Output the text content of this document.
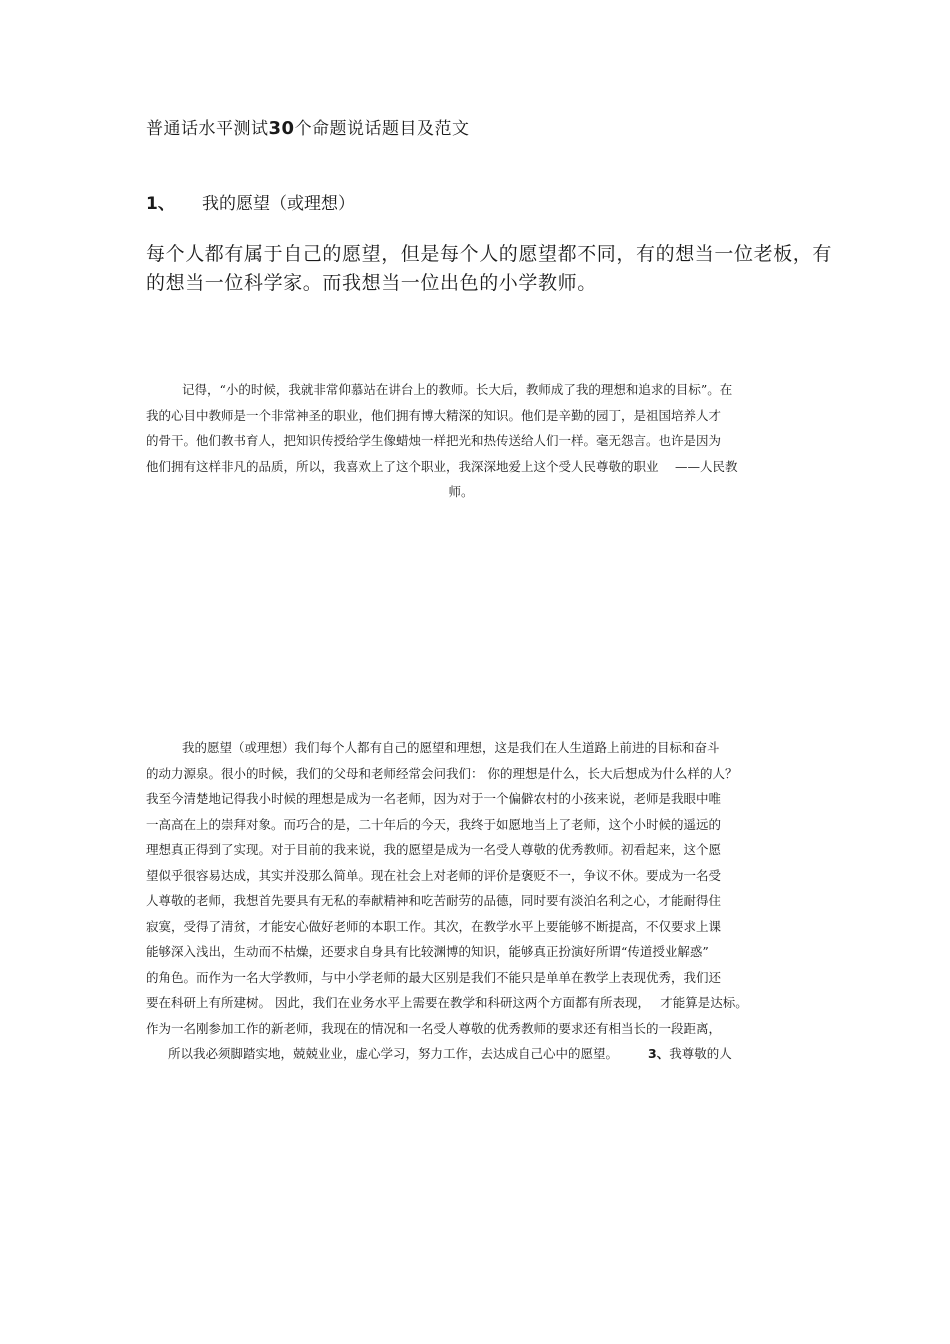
普通话水平测试30个命题说话题目及范文
1、 我的愿望（或理想）
每个人都有属于自己的愿望，但是每个人的愿望都不同，有的想当一位老板，有
的想当一位科学家。而我想当一位出色的小学教师。
记得，“小的时候，我就非常仰慕站在讲台上的教师。长大后，教师成了我的理想和追求的目标”。在
我的心目中教师是一个非常神圣的职业，他们拥有博大精深的知识。他们是辛勤的园丁，是祖国培养人才
的骨干。他们教书育人，把知识传授给学生像蜡烛一样把光和热传送给人们一样。毫无怨言。也许是因为
他们拥有这样非凡的品质，所以，我喜欢上了这个职业，我深深地爱上这个受人民尊敬的职业　 ——人民教
师。
我的愿望（或理想）我们每个人都有自己的愿望和理想，这是我们在人生道路上前进的目标和奋斗
的动力源泉。很小的时候，我们的父母和老师经常会问我们： 你的理想是什么，长大后想成为什么样的人？
我至今清楚地记得我小时候的理想是成为一名老师，因为对于一个偏僻农村的小孩来说，老师是我眼中唯
一高高在上的崇拜对象。而巧合的是，二十年后的今天，我终于如愿地当上了老师，这个小时候的遥远的
理想真正得到了实现。对于目前的我来说，我的愿望是成为一名受人尊敬的优秀教师。初看起来，这个愿
望似乎很容易达成，其实并没那么简单。现在社会上对老师的评价是褒贬不一，争议不休。要成为一名受
人尊敬的老师，我想首先要具有无私的奉献精神和吃苦耐劳的品德，同时要有淡泊名利之心，才能耐得住
寂寞，受得了清贫，才能安心做好老师的本职工作。其次，在教学水平上要能够不断提高，不仅要求上课
能够深入浅出，生动而不枯燥，还要求自身具有比较渊博的知识，能够真正扮演好所谓“传道授业解惑”
的角色。而作为一名大学教师，与中小学老师的最大区别是我们不能只是单单在教学上表现优秀，我们还
要在科研上有所建树。 因此，我们在业务水平上需要在教学和科研这两个方面都有所表现，　 才能算是达标。
作为一名刚参加工作的新老师，我现在的情况和一名受人尊敬的优秀教师的要求还有相当长的一段距离，
所以我必须脚踏实地，兢兢业业，虚心学习，努力工作，去达成自己心中的愿望。 3、我尊敬的人
